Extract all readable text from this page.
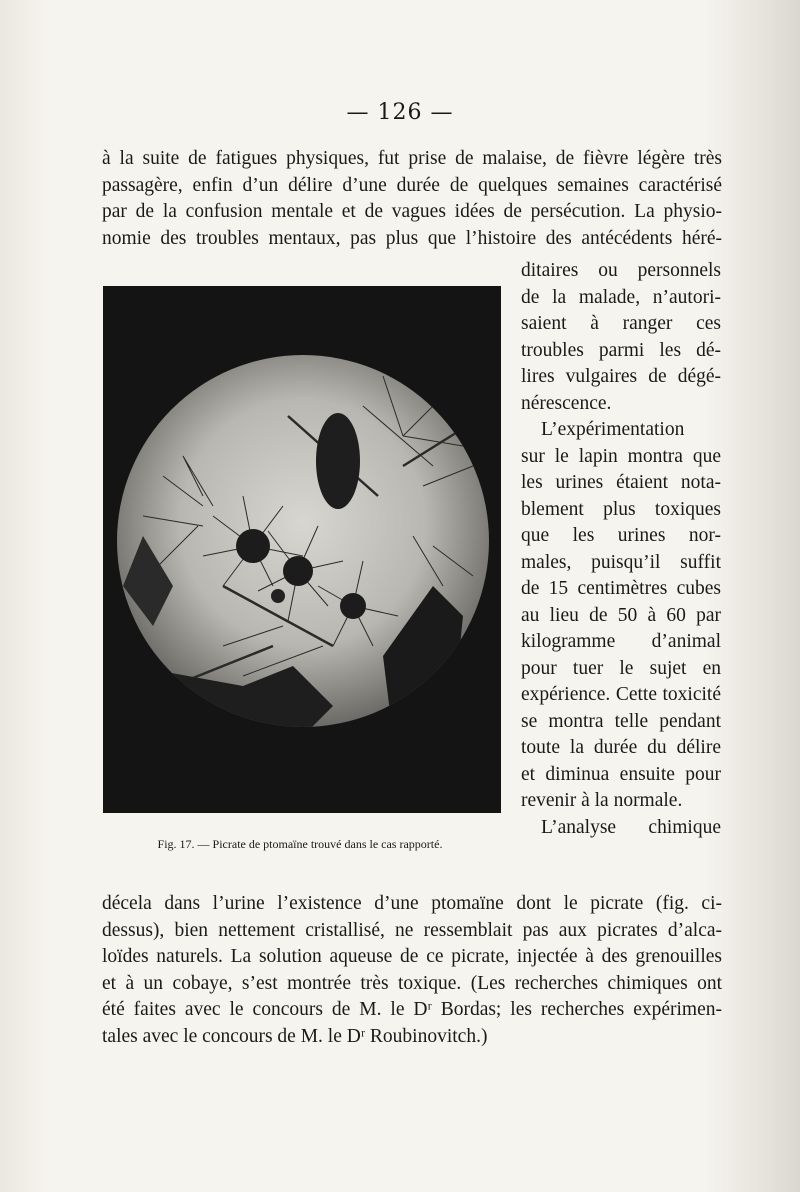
— 126 —
à la suite de fatigues physiques, fut prise de malaise, de fièvre légère très
passagère, enfin d’un délire d’une durée de quelques semaines caractérisé
par de la confusion mentale et de vagues idées de persécution. La physio-
nomie des troubles mentaux, pas plus que l’histoire des antécédents héré-
Fig. 17. — Picrate de ptomaïne trouvé dans le cas rapporté.
ditaires ou personnels
de la malade, n’autori-
saient à ranger ces
troubles parmi les dé-
lires vulgaires de dégé-
nérescence.
L’expérimentation
sur le lapin montra que
les urines étaient nota-
blement plus toxiques
que les urines nor-
males, puisqu’il suffit
de 15 centimètres cubes
au lieu de 50 à 60 par
kilogramme d’animal
pour tuer le sujet en
expérience. Cette toxicité
se montra telle pendant
toute la durée du délire
et diminua ensuite pour
revenir à la normale.
L’analyse chimique
décela dans l’urine l’existence d’une ptomaïne dont le picrate (fig. ci-
dessus), bien nettement cristallisé, ne ressemblait pas aux picrates d’alca-
loïdes naturels. La solution aqueuse de ce picrate, injectée à des grenouilles
et à un cobaye, s’est montrée très toxique. (Les recherches chimiques ont
été faites avec le concours de M. le Dʳ Bordas; les recherches expérimen-
tales avec le concours de M. le Dʳ Roubinovitch.)
